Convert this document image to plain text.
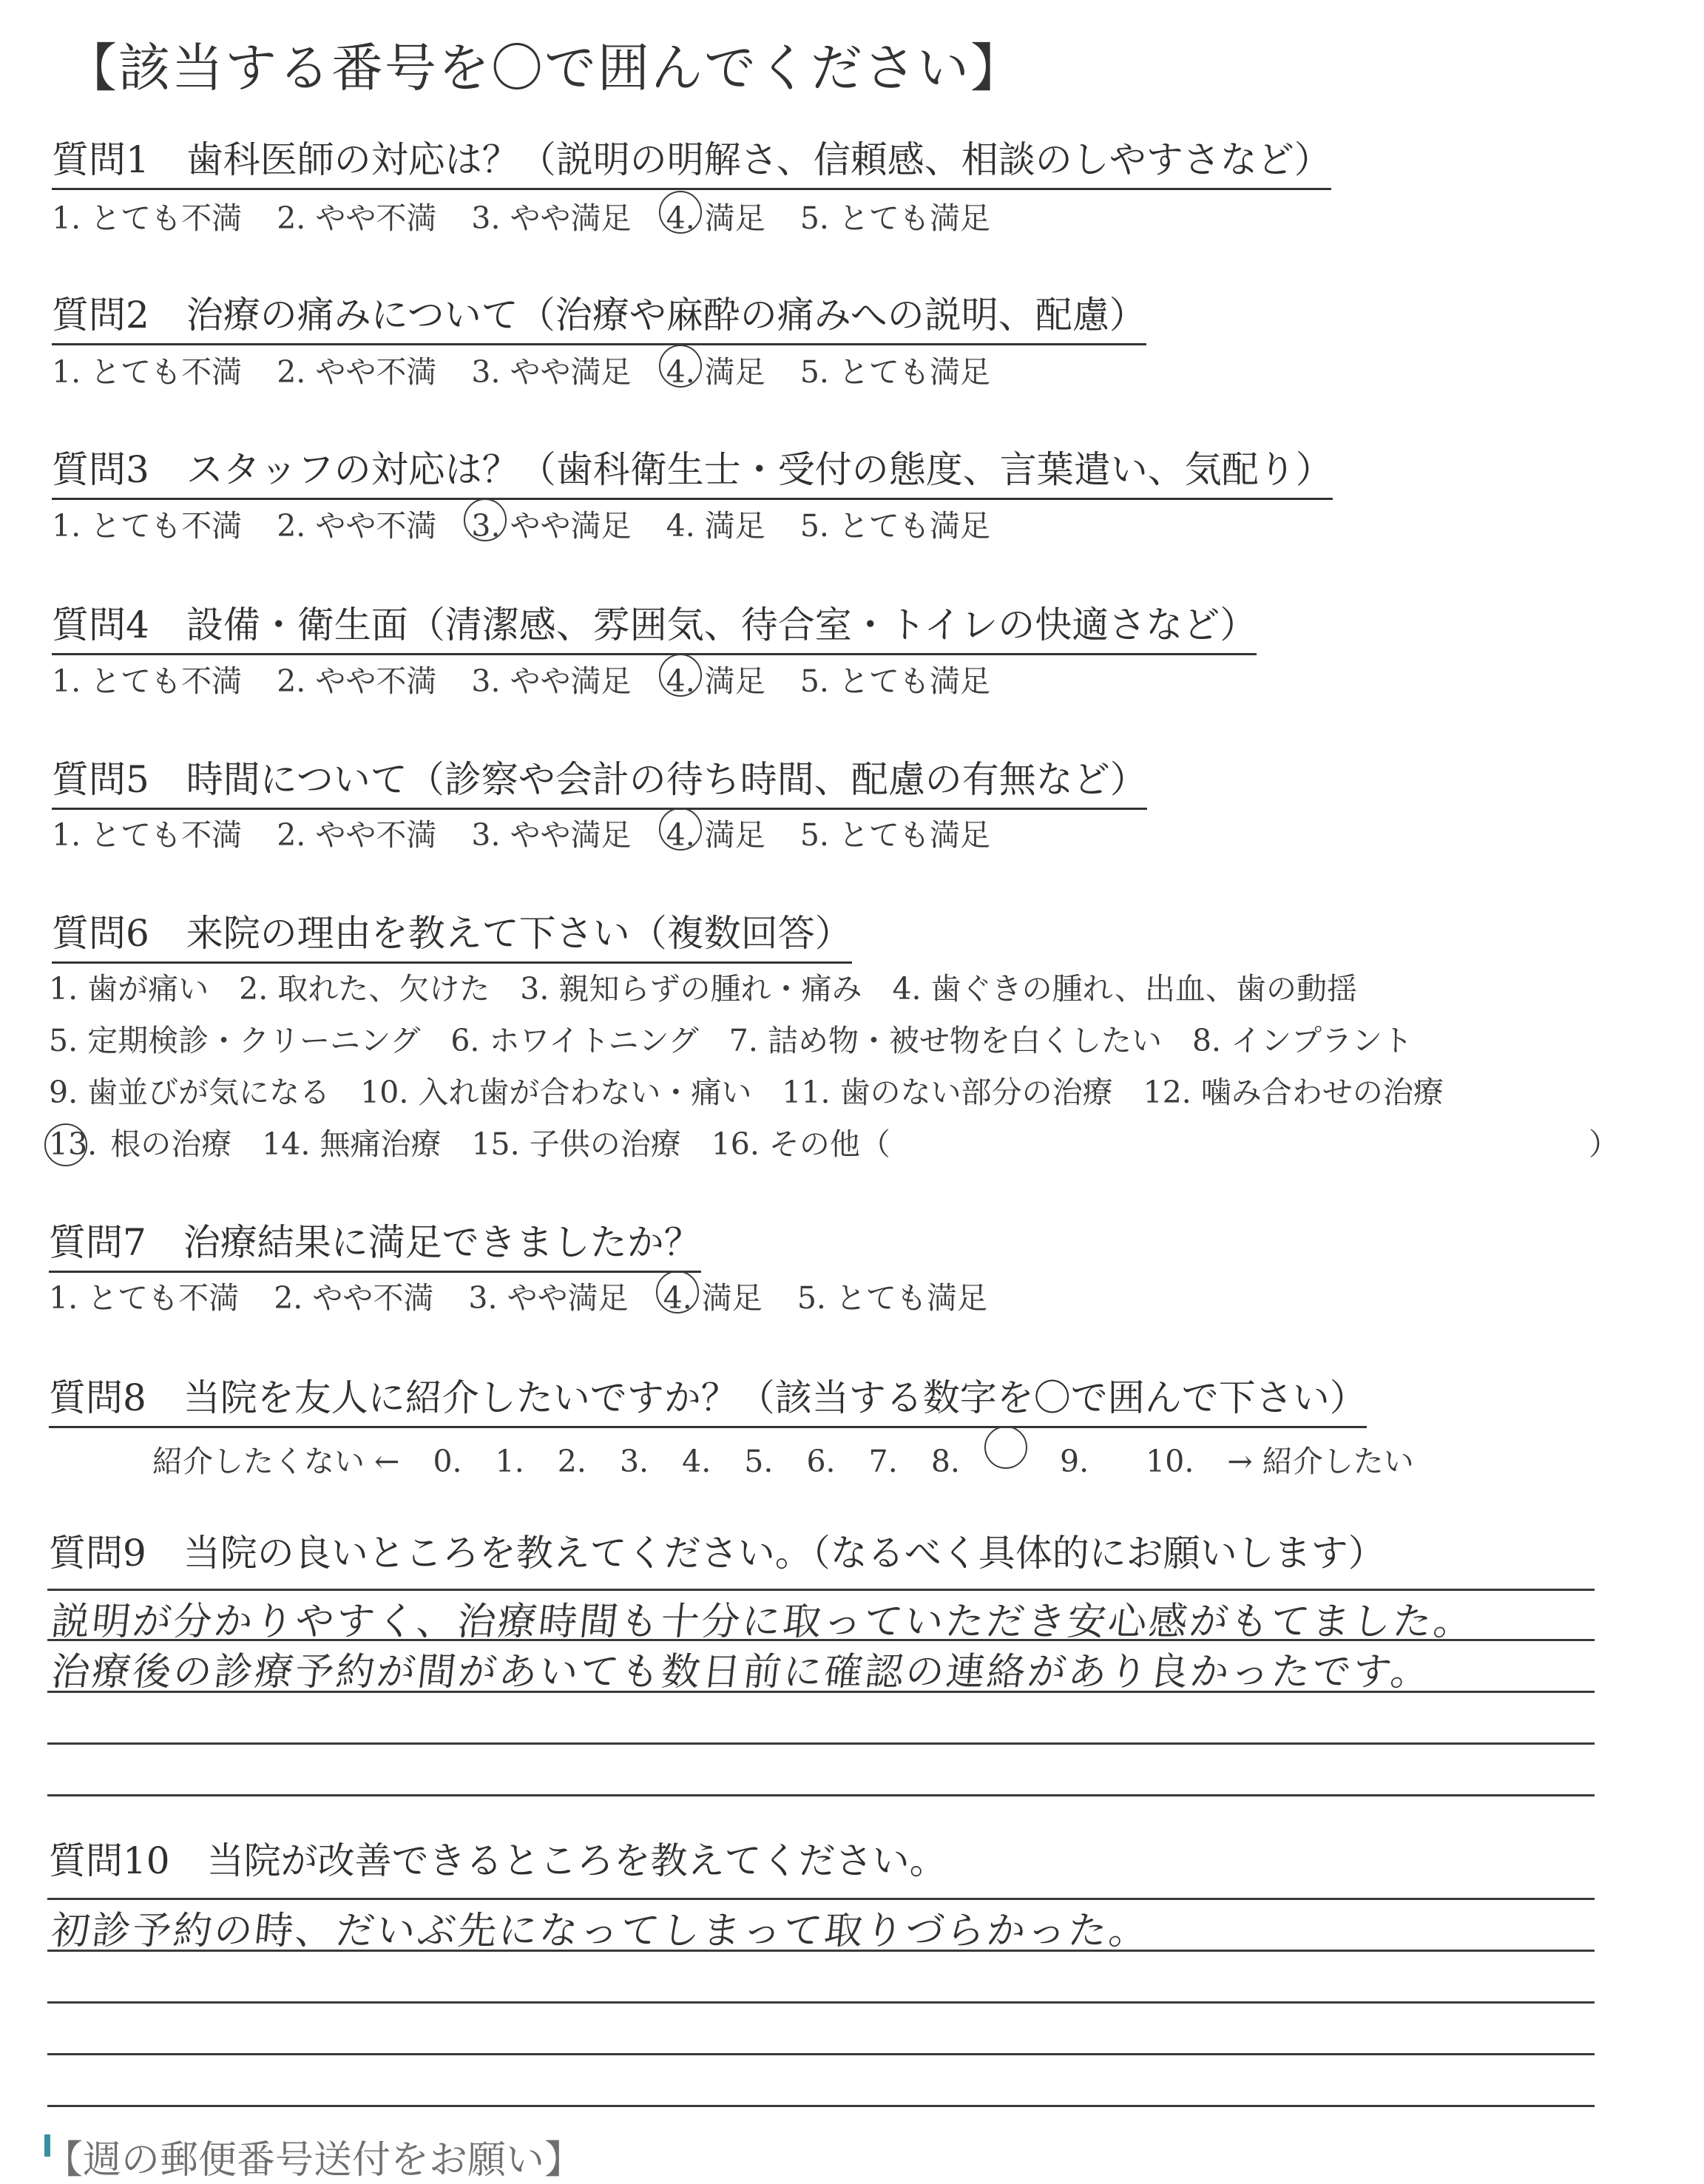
【該当する番号を〇で囲んでください】
質問1　歯科医師の対応は？（説明の明解さ、信頼感、相談のしやすさなど）
1. とても不満 2. やや不満 3. やや満足 4. 満足 5. とても満足
質問2　治療の痛みについて（治療や麻酔の痛みへの説明、配慮）
1. とても不満 2. やや不満 3. やや満足 4. 満足 5. とても満足
質問3　スタッフの対応は？（歯科衛生士・受付の態度、言葉遣い、気配り）
1. とても不満 2. やや不満 3. やや満足 4. 満足 5. とても満足
質問4　設備・衛生面（清潔感、雰囲気、待合室・トイレの快適さなど）
1. とても不満 2. やや不満 3. やや満足 4. 満足 5. とても満足
質問5　時間について（診察や会計の待ち時間、配慮の有無など）
1. とても不満 2. やや不満 3. やや満足 4. 満足 5. とても満足
質問6　来院の理由を教えて下さい（複数回答）
1. 歯が痛い　2. 取れた、欠けた　3. 親知らずの腫れ・痛み　4. 歯ぐきの腫れ、出血、歯の動揺
5. 定期検診・クリーニング　6. ホワイトニング　7. 詰め物・被せ物を白くしたい　8. インプラント
9. 歯並びが気になる　10. 入れ歯が合わない・痛い　11. 歯のない部分の治療　12. 噛み合わせの治療
13. 根の治療　14. 無痛治療　15. 子供の治療　16. その他（	）
質問7　治療結果に満足できましたか？
1. とても不満 2. やや不満 3. やや満足 4. 満足 5. とても満足
質問8　当院を友人に紹介したいですか？（該当する数字を〇で囲んで下さい）
紹介したくない ← 0. 1. 2. 3. 4. 5. 6. 7. 8.	9. 10. → 紹介したい
質問9　当院の良いところを教えてください。（なるべく具体的にお願いします）
説明が分かりやすく、治療時間も十分に取っていただき安心感がもてました。
治療後の診療予約が間があいても数日前に確認の連絡があり良かったです。
質問10　当院が改善できるところを教えてください。
初診予約の時、だいぶ先になってしまって取りづらかった。
【週の郵便番号送付をお願い】
